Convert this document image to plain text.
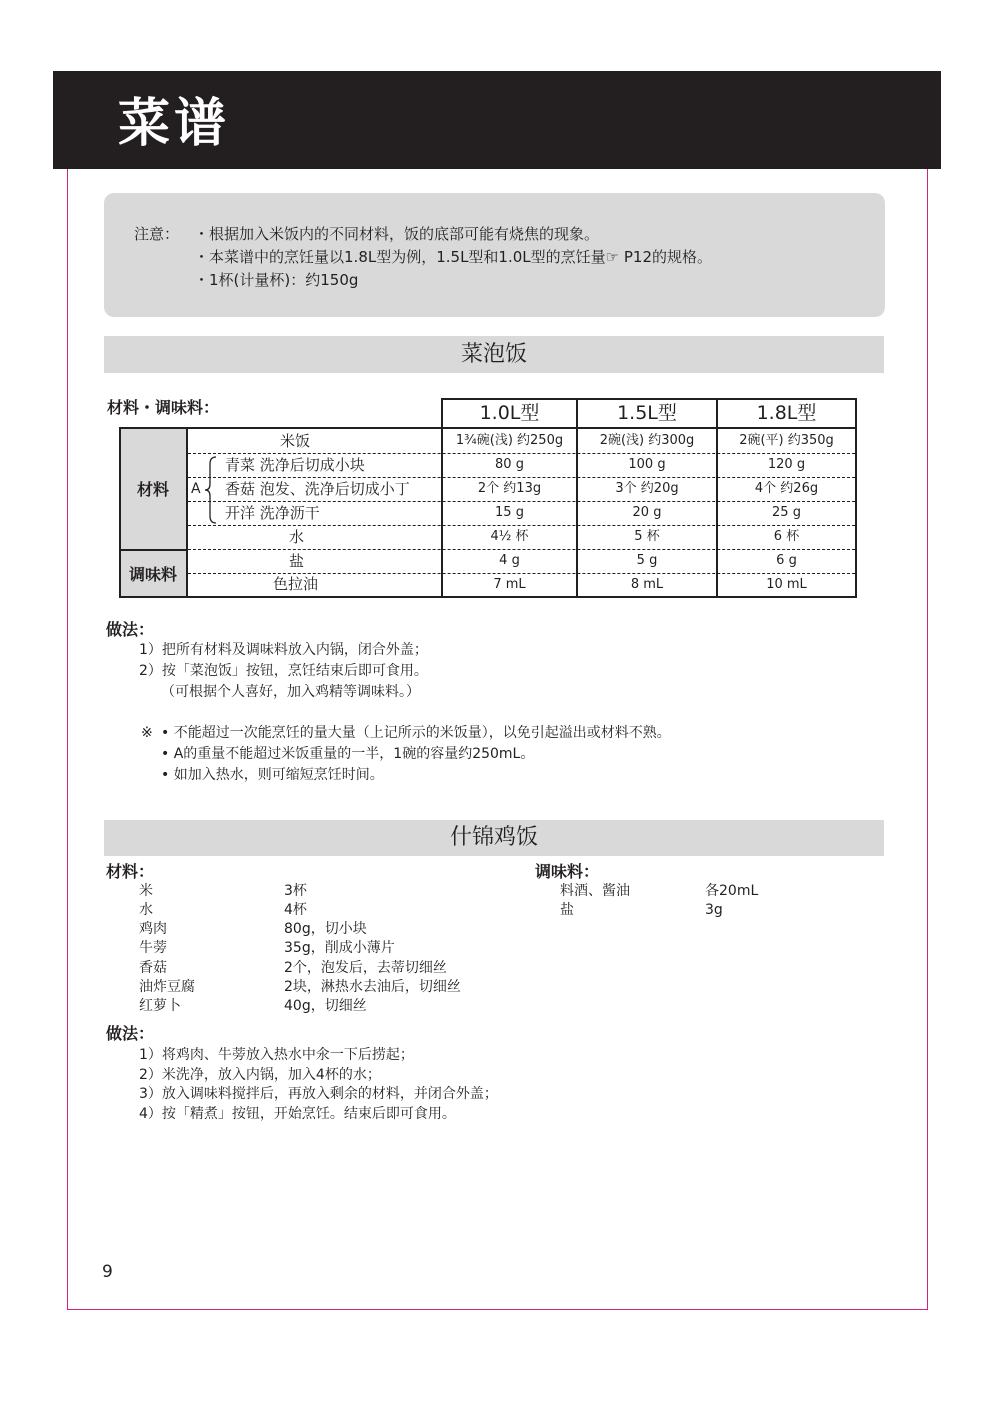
菜谱
注意： ・根据加入米饭内的不同材料，饭的底部可能有烧焦的现象。
・本菜谱中的烹饪量以1.8L型为例，1.5L型和1.0L型的烹饪量☞ P12的规格。
・1杯(计量杯)：约150g
菜泡饭
材料・调味料：	1.0L型	1.5L型	1.8L型
材料
调味料
A
米饭	1¾碗(浅) 约250g	2碗(浅) 约300g	2碗(平) 约350g
青菜 洗净后切成小块	80 g	100 g	120 g
香菇 泡发、洗净后切成小丁	2个 约13g	3个 约20g	4个 约26g
开洋 洗净沥干	15 g	20 g	25 g
水	4½ 杯	5 杯	6 杯
盐	4 g	5 g	6 g
色拉油	7 mL	8 mL	10 mL
做法：
1）把所有材料及调味料放入内锅，闭合外盖；
2）按「菜泡饭」按钮，烹饪结束后即可食用。
（可根据个人喜好，加入鸡精等调味料。）
※ • 不能超过一次能烹饪的量大量（上记所示的米饭量），以免引起溢出或材料不熟。
• A的重量不能超过米饭重量的一半，1碗的容量约250mL。
• 如加入热水，则可缩短烹饪时间。
什锦鸡饭
材料：	调味料：
米	3杯
水	4杯
鸡肉	80g，切小块
牛蒡	35g，削成小薄片
香菇	2个，泡发后，去蒂切细丝
油炸豆腐	2块，淋热水去油后，切细丝
红萝卜	40g，切细丝
料酒、酱油	各20mL
盐	3g
做法：
1）将鸡肉、牛蒡放入热水中氽一下后捞起；
2）米洗净，放入内锅，加入4杯的水；
3）放入调味料搅拌后，再放入剩余的材料，并闭合外盖；
4）按「精煮」按钮，开始烹饪。结束后即可食用。
9
